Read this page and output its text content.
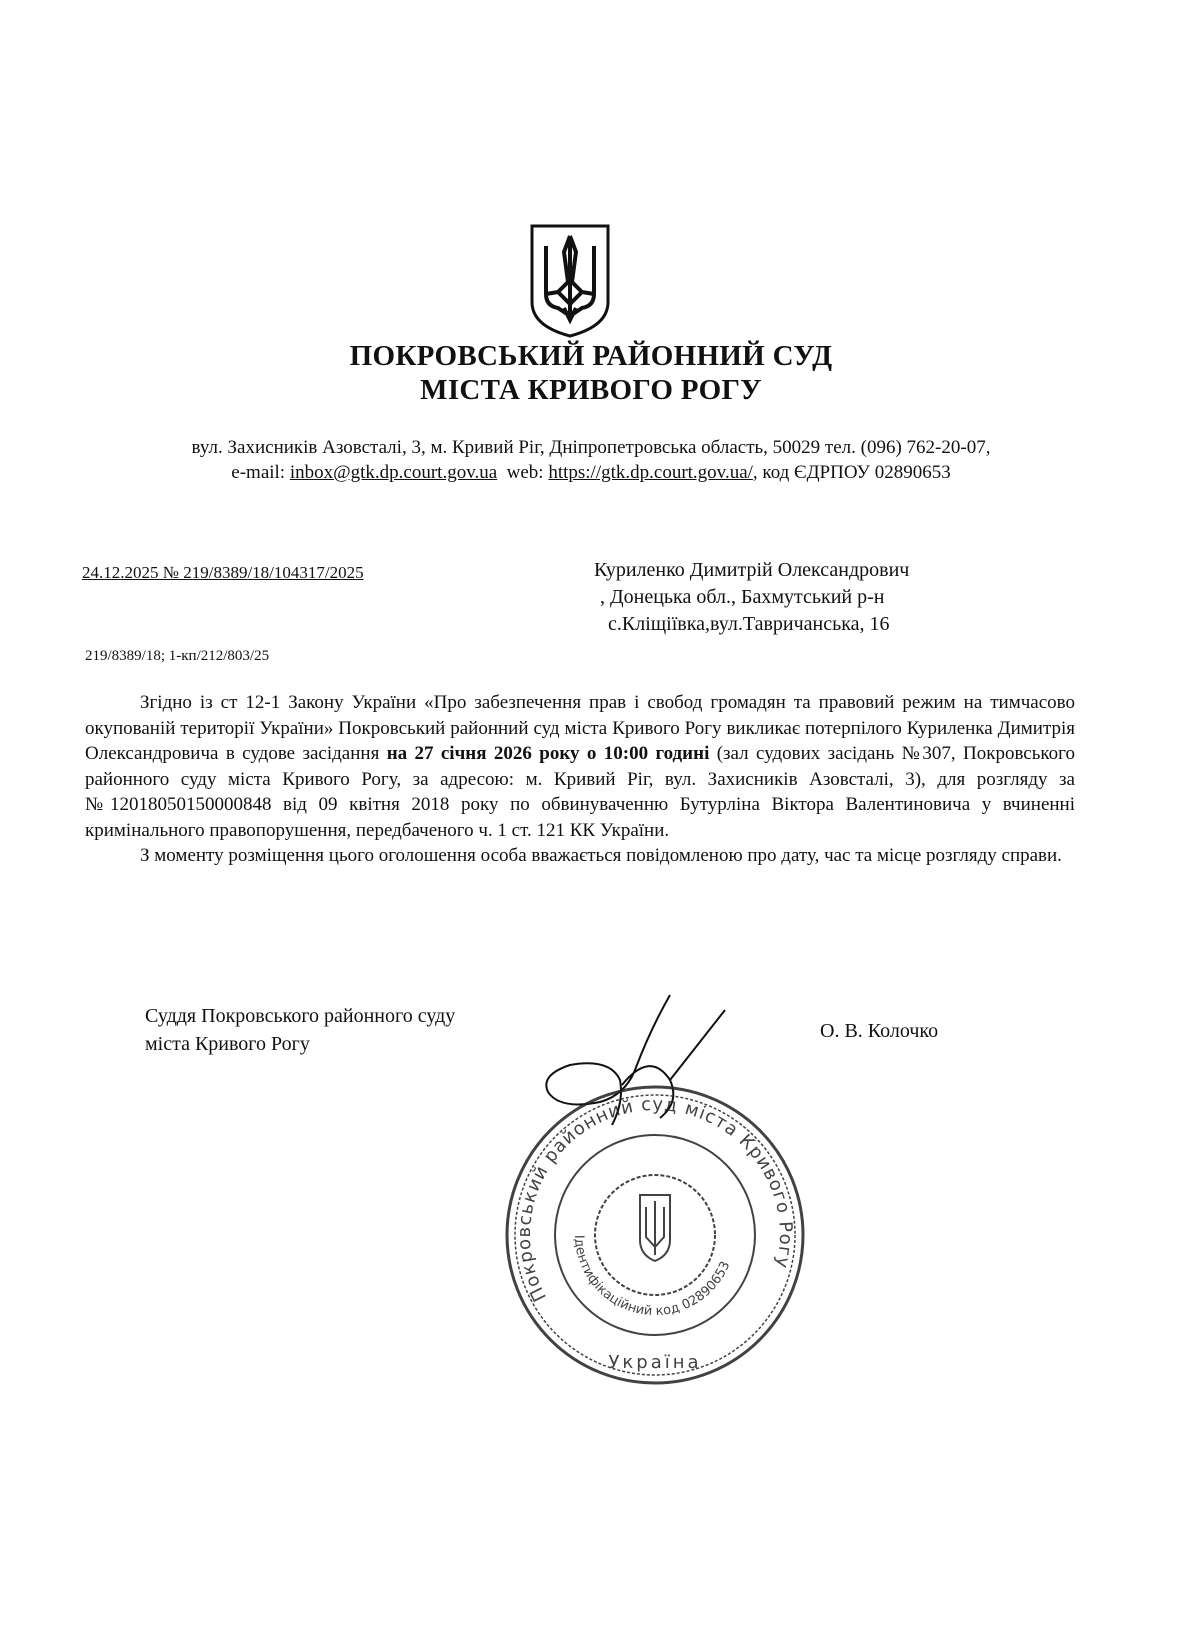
ПОКРОВСЬКИЙ РАЙОННИЙ СУД
МІСТА КРИВОГО РОГУ
вул. Захисників Азовсталі, 3, м. Кривий Ріг, Дніпропетровська область, 50029 тел. (096) 762-20-07,
e-mail: inbox@gtk.dp.court.gov.ua web: https://gtk.dp.court.gov.ua/, код ЄДРПОУ 02890653
24.12.2025 № 219/8389/18/104317/2025	Куриленко Димитрій Олександрович
, Донецька обл., Бахмутський р-н
с.Кліщіївка,вул.Тавричанська, 16
219/8389/18; 1-кп/212/803/25

Згідно із ст 12-1 Закону України «Про забезпечення прав і свобод громадян та правовий режим на тимчасово окупованій території України» Покровський районний суд міста Кривого Рогу викликає потерпілого Куриленка Димитрія Олександровича в судове засідання на 27 січня 2026 року о 10:00 годині (зал судових засідань №307, Покровського районного суду міста Кривого Рогу, за адресою: м. Кривий Ріг, вул. Захисників Азовсталі, 3), для розгляду за №12018050150000848 від 09 квітня 2018 року по обвинуваченню Бутурліна Віктора Валентиновича у вчиненні кримінального правопорушення, передбаченого ч. 1 ст. 121 КК України.

З моменту розміщення цього оголошення особа вважається повідомленою про дату, час та місце розгляду справи.

Суддя Покровського районного суду
міста Кривого Рогу
О. В. Колочко
Покровський районний суд міста Кривого Рогу
Ідентифікаційний код 02890653
Україна
